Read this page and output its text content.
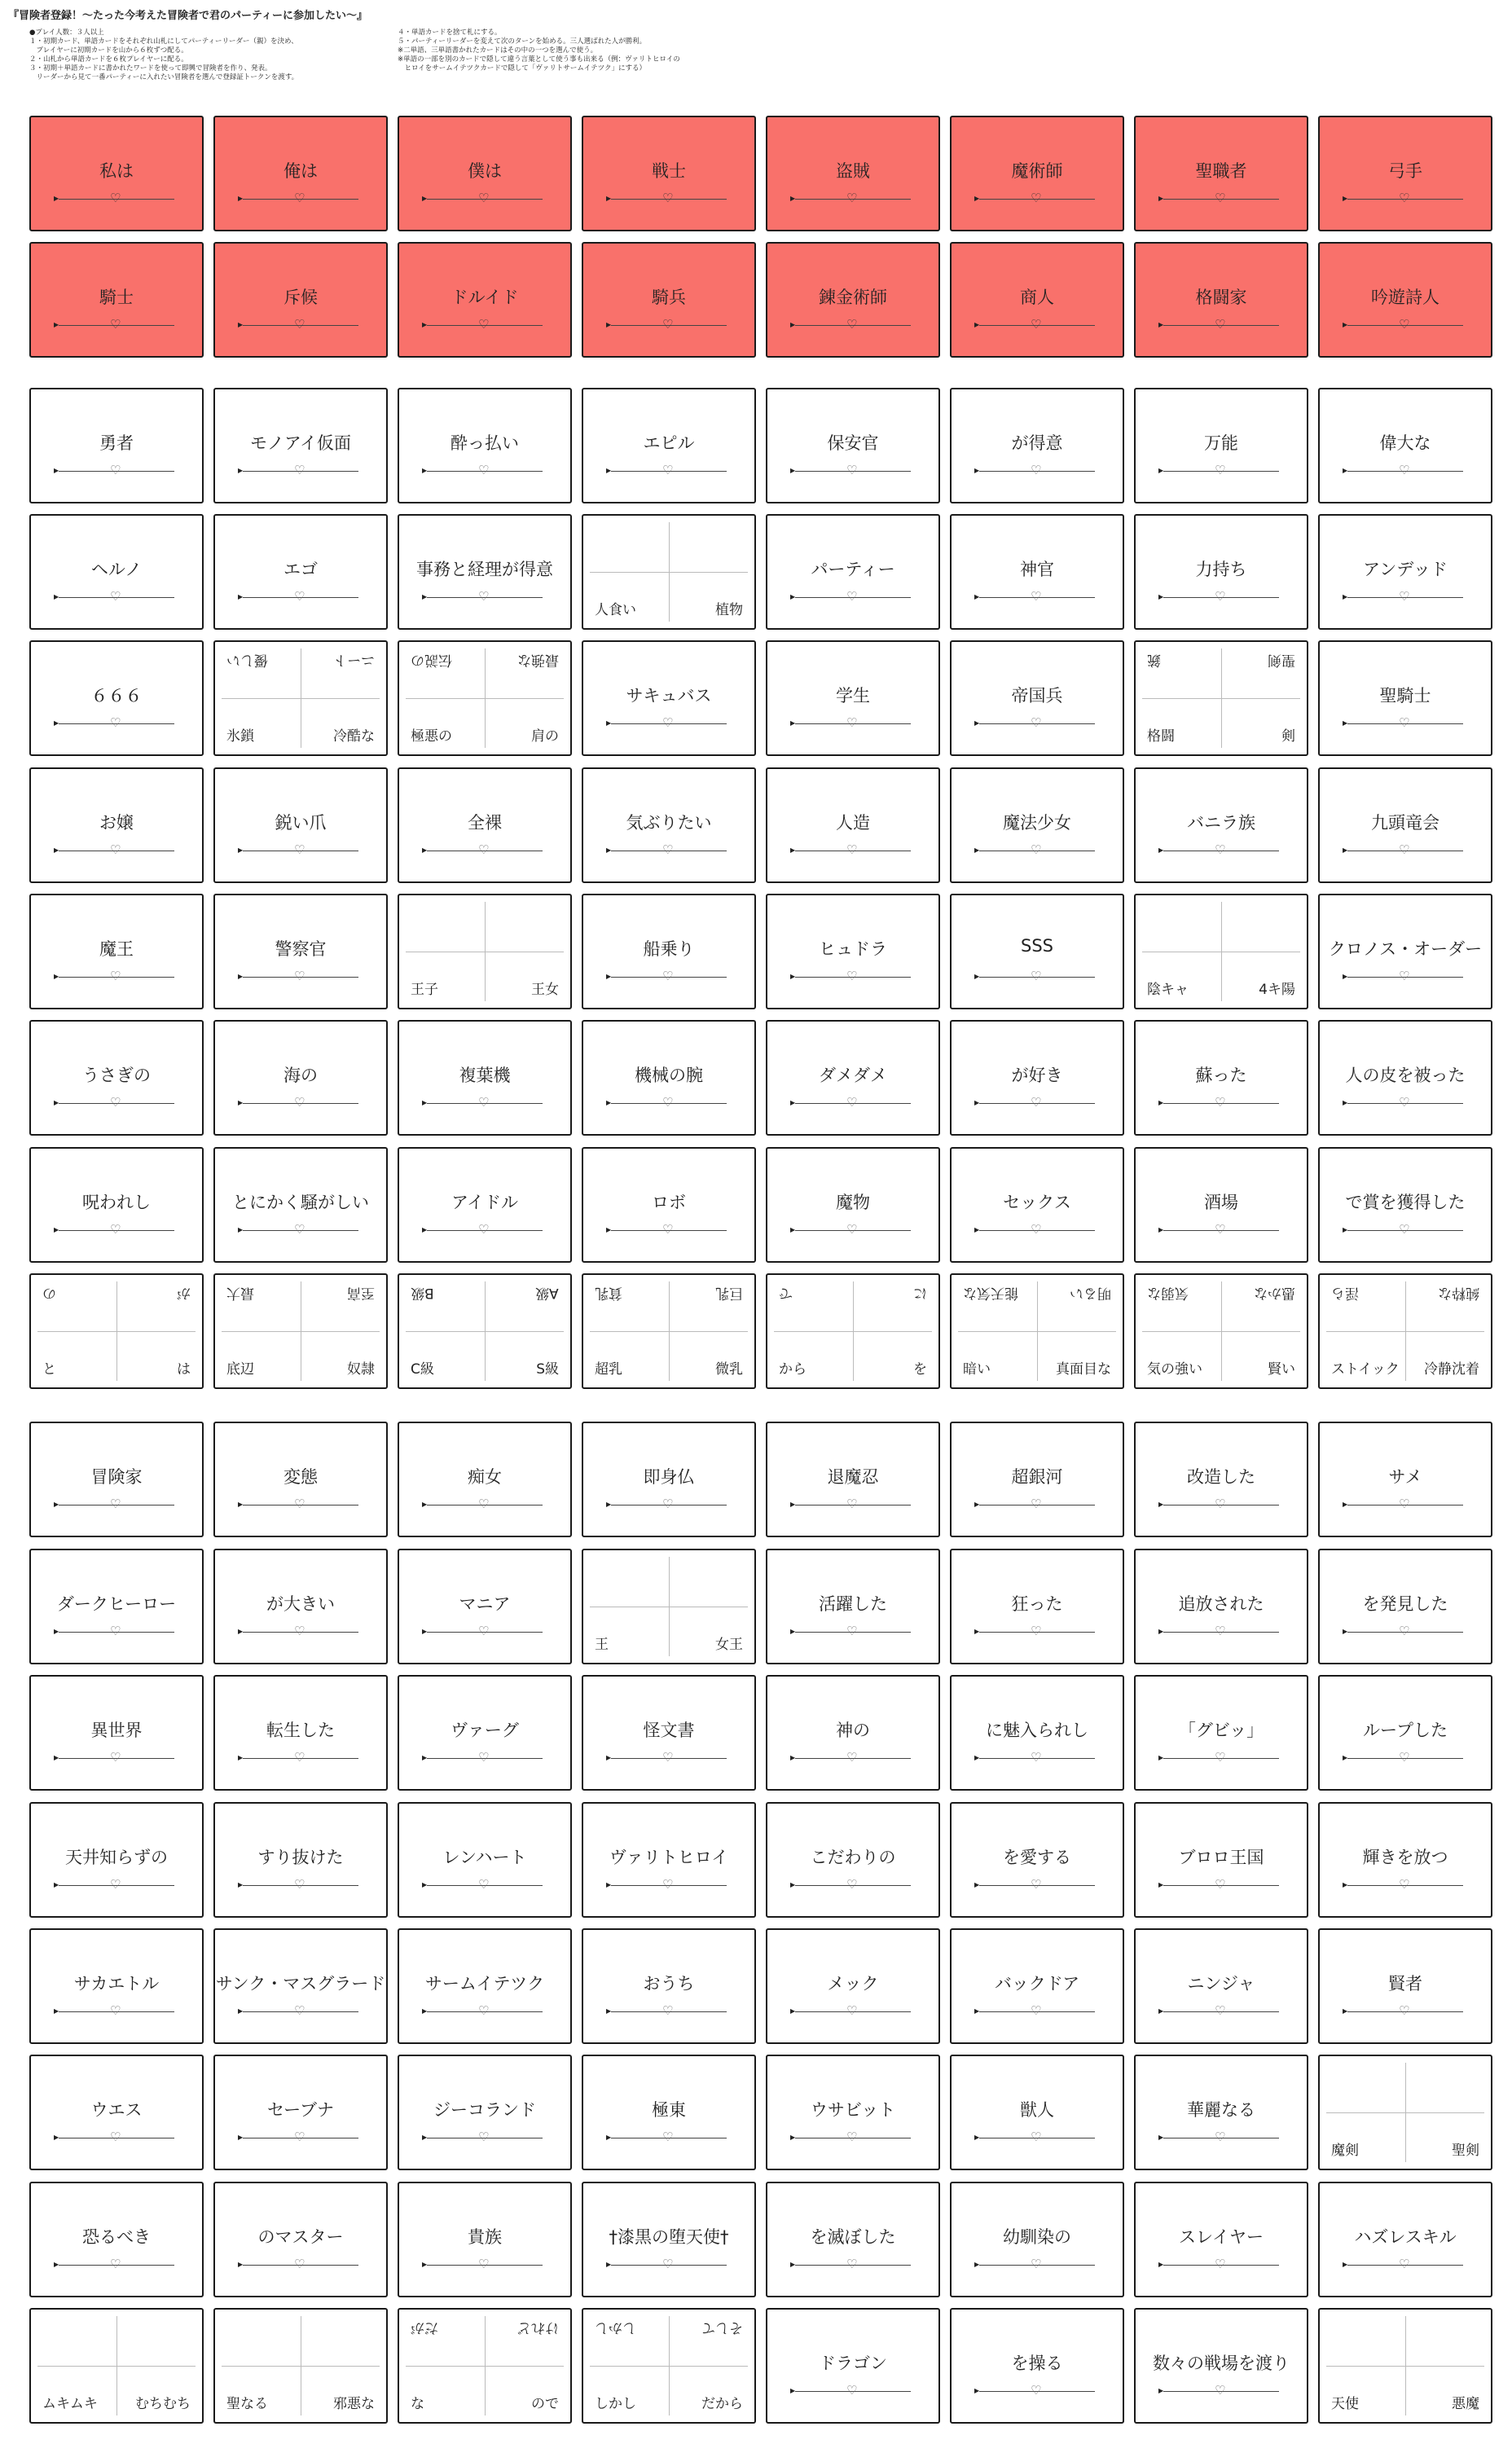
『冒険者登録！〜たった今考えた冒険者で君のパーティーに参加したい〜』
●プレイ人数：３人以上
１・初期カード、単語カードをそれぞれ山札にしてパーティーリーダー（親）を決め、
　プレイヤーに初期カードを山から６枚ずつ配る。
２・山札から単語カードを６枚プレイヤーに配る。
３・初期＋単語カードに書かれたワードを使って即興で冒険者を作り、発表。
　リーダーから見て一番パーティーに入れたい冒険者を選んで登録証トークンを渡す。
４・単語カードを捨て札にする。
５・パーティーリーダーを変えて次のターンを始める。三人選ばれた人が勝利。
※二単語、三単語書かれたカードはその中の一つを選んで使う。
※単語の一部を別のカードで隠して違う言葉として使う事も出来る（例：ヴァリトヒロイの
　ヒロイをサームイテツクカードで隠して「ヴァリトサームイテツク」にする）
私は
▶	♡
俺は
▶	♡
僕は
▶	♡
戦士
▶	♡
盗賊
▶	♡
魔術師
▶	♡
聖職者
▶	♡
弓手
▶	♡
騎士
▶	♡
斥候
▶	♡
ドルイド
▶	♡
騎兵
▶	♡
錬金術師
▶	♡
商人
▶	♡
格闘家
▶	♡
吟遊詩人
▶	♡
勇者
▶	♡
モノアイ仮面
▶	♡
酔っ払い
▶	♡
エピル
▶	♡
保安官
▶	♡
が得意
▶	♡
万能
▶	♡
偉大な
▶	♡
ヘルノ
▶	♡
エゴ
▶	♡
事務と経理が得意
▶	♡
人食い	植物
パーティー
▶	♡
神官
▶	♡
力持ち
▶	♡
アンデッド
▶	♡
６６６
▶	♡
優しい	ニート
氷鎖	冷酷な
伝説の	最強な
極悪の	肩の
サキュバス
▶	♡
学生
▶	♡
帝国兵
▶	♡
銃	聖剣
格闘	剣
聖騎士
▶	♡
お嬢
▶	♡
鋭い爪
▶	♡
全裸
▶	♡
気ぶりたい
▶	♡
人造
▶	♡
魔法少女
▶	♡
バニラ族
▶	♡
九頭竜会
▶	♡
魔王
▶	♡
警察官
▶	♡
王子	王女
船乗り
▶	♡
ヒュドラ
▶	♡
SSS
▶	♡
陰キャ	4キ陽
クロノス・オーダー
▶	♡
うさぎの
▶	♡
海の
▶	♡
複葉機
▶	♡
機械の腕
▶	♡
ダメダメ
▶	♡
が好き
▶	♡
蘇った
▶	♡
人の皮を被った
▶	♡
呪われし
▶	♡
とにかく騒がしい
▶	♡
アイドル
▶	♡
ロボ
▶	♡
魔物
▶	♡
セックス
▶	♡
酒場
▶	♡
で賞を獲得した
▶	♡
の	が
と	は
最大	至高
底辺	奴隷
B級	A級
C級	S級
貧乳	巨乳
超乳	微乳
で	に
から	を
能天気な	明るい
暗い	真面目な
気弱な	愚かな
気の強い	賢い
淫ら	純粋な
ストイック 冷静沈着
冒険家
▶	♡
変態
▶	♡
痴女
▶	♡
即身仏
▶	♡
退魔忍
▶	♡
超銀河
▶	♡
改造した
▶	♡
サメ
▶	♡
ダークヒーロー
▶	♡
が大きい
▶	♡
マニア
▶	♡
王	女王
活躍した
▶	♡
狂った
▶	♡
追放された
▶	♡
を発見した
▶	♡
異世界
▶	♡
転生した
▶	♡
ヴァーグ
▶	♡
怪文書
▶	♡
神の
▶	♡
に魅入られし
▶	♡
「グビッ」
▶	♡
ループした
▶	♡
天井知らずの
▶	♡
すり抜けた
▶	♡
レンハート
▶	♡
ヴァリトヒロイ
▶	♡
こだわりの
▶	♡
を愛する
▶	♡
ブロロ王国
▶	♡
輝きを放つ
▶	♡
サカエトル
▶	♡
サンク・マスグラード
▶	♡
サームイテツク
▶	♡
おうち
▶	♡
メック
▶	♡
バックドア
▶	♡
ニンジャ
▶	♡
賢者
▶	♡
ウエス
▶	♡
セーブナ
▶	♡
ジーコランド
▶	♡
極東
▶	♡
ウサビット
▶	♡
獣人
▶	♡
華麗なる
▶	♡
魔剣	聖剣
恐るべき
▶	♡
のマスター
▶	♡
貴族
▶	♡
†漆黒の堕天使†
▶	♡
を滅ぼした
▶	♡
幼馴染の
▶	♡
スレイヤー
▶	♡
ハズレスキル
▶	♡
ムキムキ	むちむち	聖なる	邪悪な
だが	けれど
な	ので
しかし	そして
しかし	だから
ドラゴン
▶	♡
を操る
▶	♡
数々の戦場を渡り
▶	♡
天使	悪魔
